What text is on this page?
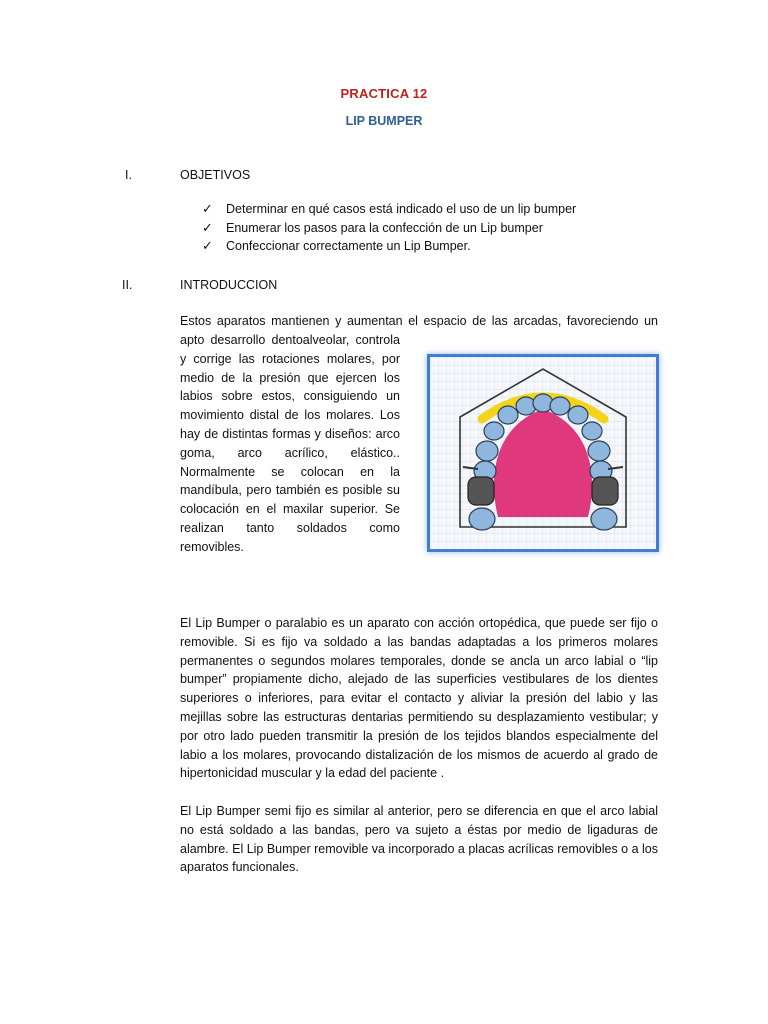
PRACTICA 12
LIP BUMPER
I.	OBJETIVOS
✓	Determinar en qué casos está indicado el uso de un lip bumper
✓	Enumerar los pasos para la confección de un Lip bumper
✓	Confeccionar correctamente un Lip Bumper.
II.	INTRODUCCION

Estos aparatos mantienen y aumentan el espacio de las arcadas, favoreciendo un

apto desarrollo dentoalveolar, controla y corrige las rotaciones molares, por medio de la presión que ejercen los labios sobre estos, consiguiendo un movimiento distal de los molares. Los hay de distintas formas y diseños: arco goma, arco acrílico, elástico.. Normalmente se colocan en la mandíbula, pero también es posible su colocación en el maxilar superior. Se realizan tanto soldados como removibles.

El Lip Bumper o paralabio es un aparato con acción ortopédica, que puede ser fijo o removible. Si es fijo va soldado a las bandas adaptadas a los primeros molares permanentes o segundos molares temporales, donde se ancla un arco labial o “lip bumper” propiamente dicho, alejado de las superficies vestibulares de los dientes superiores o inferiores, para evitar el contacto y aliviar la presión del labio y las mejillas sobre las estructuras dentarias permitiendo su desplazamiento vestibular; y por otro lado pueden transmitir la presión de los tejidos blandos especialmente del labio a los molares, provocando distalización de los mismos de acuerdo al grado de hipertonicidad muscular y la edad del paciente .

El Lip Bumper semi fijo es similar al anterior, pero se diferencia en que el arco labial no está soldado a las bandas, pero va sujeto a éstas por medio de ligaduras de alambre. El Lip Bumper removible va incorporado a placas acrílicas removibles o a los aparatos funcionales.
